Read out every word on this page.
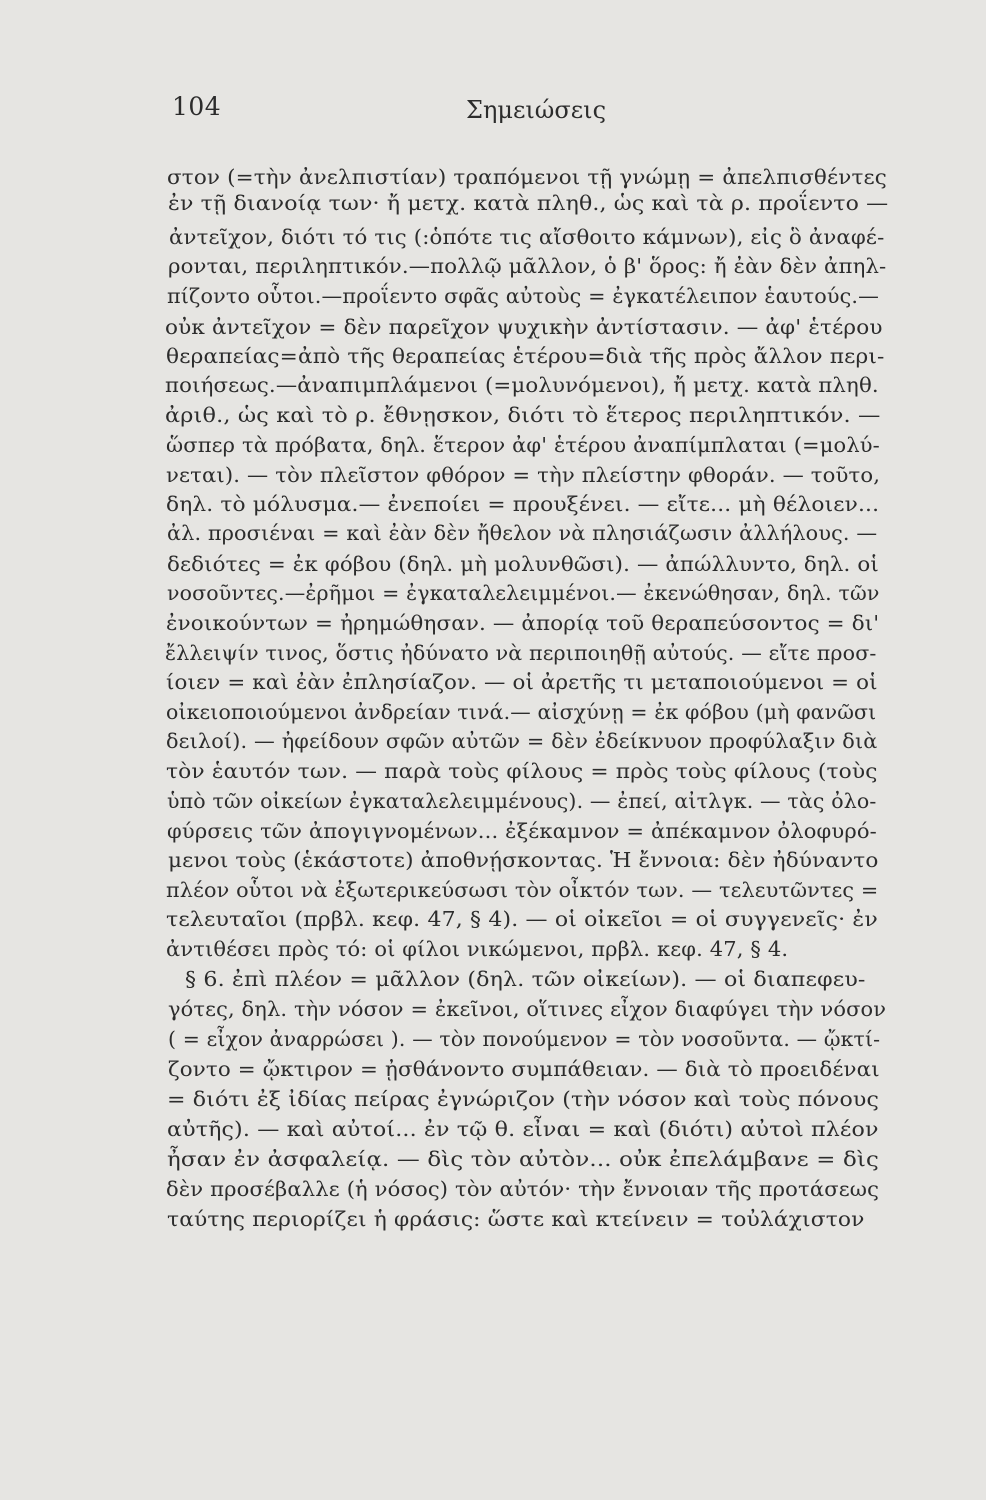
104	Σημειώσεις
στον (=τὴν ἀνελπιστίαν) τραπόμενοι τῇ γνώμῃ = ἀπελπισθέντες
ἐν τῇ διανοίᾳ των· ἤ μετχ. κατὰ πληθ., ὡς καὶ τὰ ρ. προΐεντο —
ἀντεῖχον, διότι τό τις (:ὁπότε τις αἴσθοιτο κάμνων), εἰς ὃ ἀναφέ-
ρονται, περιληπτικόν.—πολλῷ μᾶλλον, ὁ β' ὅρος: ἤ ἐὰν δὲν ἀπηλ-
πίζοντο οὗτοι.—προΐεντο σφᾶς αὐτοὺς = ἐγκατέλειπον ἑαυτούς.—
οὐκ ἀντεῖχον = δὲν παρεῖχον ψυχικὴν ἀντίστασιν. — ἀφ' ἑτέρου
θεραπείας=ἀπὸ τῆς θεραπείας ἑτέρου=διὰ τῆς πρὸς ἄλλον περι-
ποιήσεως.—ἀναπιμπλάμενοι (=μολυνόμενοι), ἤ μετχ. κατὰ πληθ.
ἀριθ., ὡς καὶ τὸ ρ. ἔθνῃσκον, διότι τὸ ἕτερος περιληπτικόν. —
ὥσπερ τὰ πρόβατα, δηλ. ἕτερον ἀφ' ἑτέρου ἀναπίμπλαται (=μολύ-
νεται). — τὸν πλεῖστον φθόρον = τὴν πλείστην φθοράν. — τοῦτο,
δηλ. τὸ μόλυσμα.— ἐνεποίει = προυξένει. — εἴτε... μὴ θέλοιεν...
ἀλ. προσιέναι = καὶ ἐὰν δὲν ἤθελον νὰ πλησιάζωσιν ἀλλήλους. —
δεδιότες = ἐκ φόβου (δηλ. μὴ μολυνθῶσι). — ἀπώλλυντο, δηλ. οἱ
νοσοῦντες.—ἐρῆμοι = ἐγκαταλελειμμένοι.— ἐκενώθησαν, δηλ. τῶν
ἐνοικούντων = ἠρημώθησαν. — ἀπορίᾳ τοῦ θεραπεύσοντος = δι'
ἔλλειψίν τινος, ὅστις ἠδύνατο νὰ περιποιηθῇ αὐτούς. — εἴτε προσ-
ίοιεν = καὶ ἐὰν ἐπλησίαζον. — οἱ ἀρετῆς τι μεταποιούμενοι = οἱ
οἰκειοποιούμενοι ἀνδρείαν τινά.— αἰσχύνῃ = ἐκ φόβου (μὴ φανῶσι
δειλοί). — ἠφείδουν σφῶν αὐτῶν = δὲν ἐδείκνυον προφύλαξιν διὰ
τὸν ἑαυτόν των. — παρὰ τοὺς φίλους = πρὸς τοὺς φίλους (τοὺς
ὑπὸ τῶν οἰκείων ἐγκαταλελειμμένους). — ἐπεί, αἰτλγκ. — τὰς ὀλο-
φύρσεις τῶν ἀπογιγνομένων... ἐξέκαμνον = ἀπέκαμνον ὀλοφυρό-
μενοι τοὺς (ἑκάστοτε) ἀποθνῄσκοντας. Ἡ ἔννοια: δὲν ἠδύναντο
πλέον οὗτοι νὰ ἐξωτερικεύσωσι τὸν οἶκτόν των. — τελευτῶντες =
τελευταῖοι (πρβλ. κεφ. 47, § 4). — οἱ οἰκεῖοι = οἱ συγγενεῖς· ἐν
ἀντιθέσει πρὸς τό: οἱ φίλοι νικώμενοι, πρβλ. κεφ. 47, § 4.
§ 6. ἐπὶ πλέον = μᾶλλον (δηλ. τῶν οἰκείων). — οἱ διαπεφευ-
γότες, δηλ. τὴν νόσον = ἐκεῖνοι, οἵτινες εἶχον διαφύγει τὴν νόσον
( = εἶχον ἀναρρώσει ). — τὸν πονούμενον = τὸν νοσοῦντα. — ᾤκτί-
ζοντο = ᾤκτιρον = ᾐσθάνοντο συμπάθειαν. — διὰ τὸ προειδέναι
= διότι ἐξ ἰδίας πείρας ἐγνώριζον (τὴν νόσον καὶ τοὺς πόνους
αὐτῆς). — καὶ αὐτοί... ἐν τῷ θ. εἶναι = καὶ (διότι) αὐτοὶ πλέον
ἦσαν ἐν ἀσφαλείᾳ. — δὶς τὸν αὐτὸν... οὐκ ἐπελάμβανε = δὶς
δὲν προσέβαλλε (ἡ νόσος) τὸν αὐτόν· τὴν ἔννοιαν τῆς προτάσεως
ταύτης περιορίζει ἡ φράσις: ὥστε καὶ κτείνειν = τοὐλάχιστον
